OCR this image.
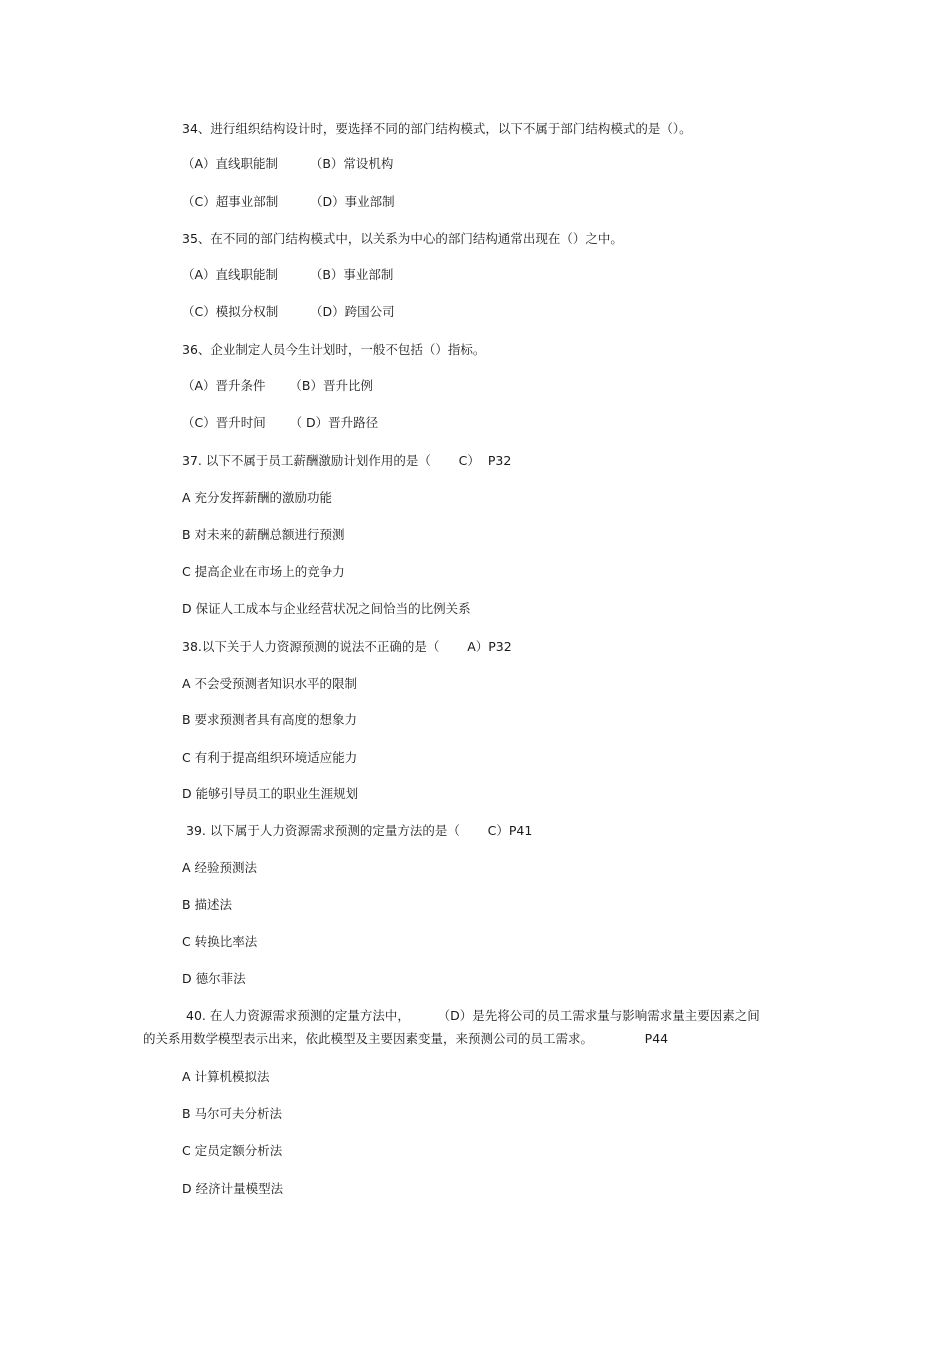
34、进行组织结构设计时，要选择不同的部门结构模式，以下不属于部门结构模式的是（）。
（A）直线职能制        （B）常设机构
（C）超事业部制        （D）事业部制
35、在不同的部门结构模式中，以关系为中心的部门结构通常出现在（）之中。
（A）直线职能制        （B）事业部制
（C）模拟分权制        （D）跨国公司
36、企业制定人员今生计划时，一般不包括（）指标。
（A）晋升条件      （B）晋升比例
（C）晋升时间      （ D）晋升路径
37. 以下不属于员工薪酬激励计划作用的是（       C）  P32
A 充分发挥薪酬的激励功能
B 对未来的薪酬总额进行预测
C 提高企业在市场上的竞争力
D 保证人工成本与企业经营状况之间恰当的比例关系
38.以下关于人力资源预测的说法不正确的是（       A）P32
A 不会受预测者知识水平的限制
B 要求预测者具有高度的想象力
C 有利于提高组织环境适应能力
D 能够引导员工的职业生涯规划
39. 以下属于人力资源需求预测的定量方法的是（       C）P41
A 经验预测法
B 描述法
C 转换比率法
D 德尔菲法
40. 在人力资源需求预测的定量方法中，       （D）是先将公司的员工需求量与影响需求量主要因素之间
的关系用数学模型表示出来，依此模型及主要因素变量，来预测公司的员工需求。             P44
A 计算机模拟法
B 马尔可夫分析法
C 定员定额分析法
D 经济计量模型法
